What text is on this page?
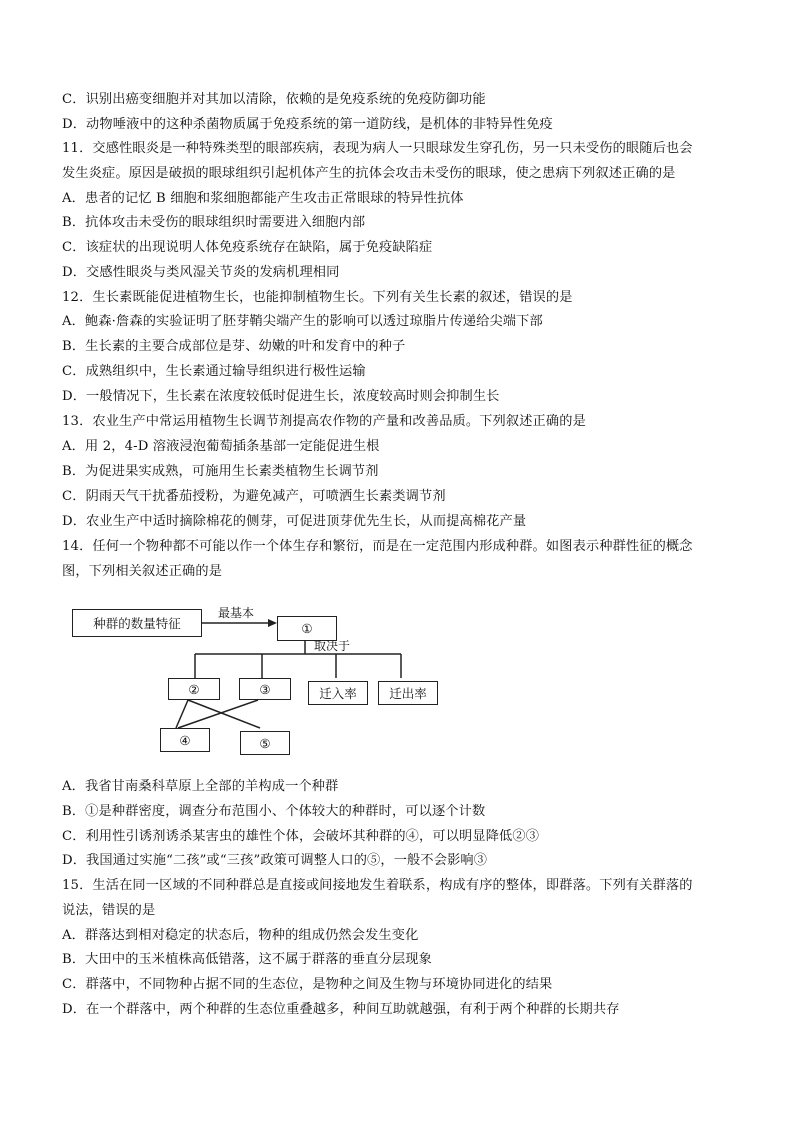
C．识别出癌变细胞并对其加以清除，依赖的是免疫系统的免疫防御功能
D．动物唾液中的这种杀菌物质属于免疫系统的第一道防线，是机体的非特异性免疫
11．交感性眼炎是一种特殊类型的眼部疾病，表现为病人一只眼球发生穿孔伤，另一只未受伤的眼随后也会
发生炎症。原因是破损的眼球组织引起机体产生的抗体会攻击未受伤的眼球，使之患病下列叙述正确的是
A．患者的记忆 B 细胞和浆细胞都能产生攻击正常眼球的特异性抗体
B．抗体攻击未受伤的眼球组织时需要进入细胞内部
C．该症状的出现说明人体免疫系统存在缺陷，属于免疫缺陷症
D．交感性眼炎与类风湿关节炎的发病机理相同
12．生长素既能促进植物生长，也能抑制植物生长。下列有关生长素的叙述，错误的是
A．鲍森·詹森的实验证明了胚芽鞘尖端产生的影响可以透过琼脂片传递给尖端下部
B．生长素的主要合成部位是芽、幼嫩的叶和发育中的种子
C．成熟组织中，生长素通过输导组织进行极性运输
D．一般情况下，生长素在浓度较低时促进生长，浓度较高时则会抑制生长
13．农业生产中常运用植物生长调节剂提高农作物的产量和改善品质。下列叙述正确的是
A．用 2，4-D 溶液浸泡葡萄插条基部一定能促进生根
B．为促进果实成熟，可施用生长素类植物生长调节剂
C．阴雨天气干扰番茄授粉，为避免减产，可喷洒生长素类调节剂
D．农业生产中适时摘除棉花的侧芽，可促进顶芽优先生长，从而提高棉花产量
14．任何一个物种都不可能以作一个体生存和繁衍，而是在一定范围内形成种群。如图表示种群性征的概念
图，下列相关叙述正确的是
种群的数量特征
最基本
①
取决于
②	③	迁入率	迁出率
④	⑤
A．我省甘南桑科草原上全部的羊构成一个种群
B．①是种群密度，调查分布范围小、个体较大的种群时，可以逐个计数
C．利用性引诱剂诱杀某害虫的雄性个体，会破坏其种群的④，可以明显降低②③
D．我国通过实施“二孩”或“三孩”政策可调整人口的⑤，一般不会影响③
15．生活在同一区域的不同种群总是直接或间接地发生着联系，构成有序的整体，即群落。下列有关群落的
说法，错误的是
A．群落达到相对稳定的状态后，物种的组成仍然会发生变化
B．大田中的玉米植株高低错落，这不属于群落的垂直分层现象
C．群落中，不同物种占据不同的生态位，是物种之间及生物与环境协同进化的结果
D．在一个群落中，两个种群的生态位重叠越多，种间互助就越强，有利于两个种群的长期共存
